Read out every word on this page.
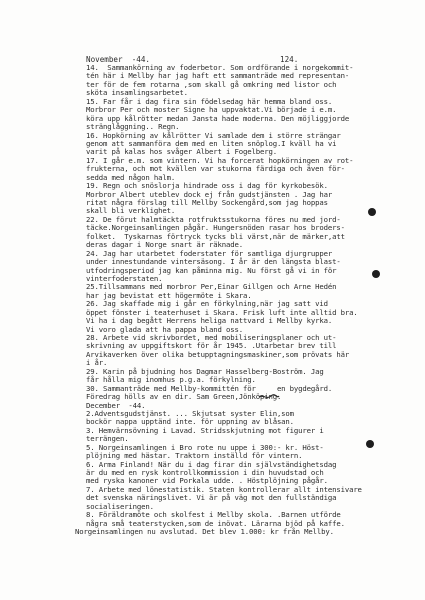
November  -44.	124.
14.  Sammankörning av foderbetor. Som ordförande i norgekommit-
tén här i Mellby har jag haft ett sammanträde med representan-
ter för de fem rotarna ,som skall gå omkring med listor och
sköta insamlingsarbetet.
15. Far får i dag fira sin födelsedag här hemma bland oss.
Morbror Per och moster Signe ha uppvaktat.Vi började i e.m.
köra upp kålrötter medan Jansta hade moderna. Den möjliggjorde
stränglåggning.. Regn.
16. Hopkörning av kålrötter Vi samlade dem i större strängar
genom att sammanföra dem med en liten snöplog.I kväll ha vi
varit på kalas hos svåger Albert i Fogelberg.
17. I går e.m. som vintern. Vi ha forcerat hopkörningen av rot-
frukterna, och mot kvällen var stukorna färdiga och även för-
sedda med någon halm.
19. Regn och snöslorja hindrade oss i dag för kyrkobesök.
Morbror Albert uteblev dock ej från gudstjänsten . Jag har
ritat några förslag till Mellby Sockengård,som jag hoppas
skall bli verklighet.
22. De förut halmtäckta rotfruktsstukorna föres nu med jord-
täcke.Norgeinsamlingen pågår. Hungersnöden rasar hos broders-
folket.  Tyskarnas förtryck tycks bli värst,när de märker,att
deras dagar i Norge snart är räknade.
24. Jag har utarbetet foderstater för samtliga djurgrupper
under innestundande vintersäsong. I år är den längsta blast-
utfodringsperiod jag kan påminna mig. Nu först gå vi in för
vinterfoderstaten.
25.Tillsammans med morbror Per,Einar Gillgen och Arne Hedén
har jag bevistat ett högermöte i Skara.
26. Jag skaffade mig i går en förkylning,när jag satt vid
öppet fönster i teaterhuset i Skara. Frisk luft inte alltid bra.
Vi ha i dag begått Herrens heliga nattvard i Mellby kyrka.
Vi voro glada att ha pappa bland oss.
28. Arbete vid skrivbordet, med mobiliseringsplaner och ut-
skrivning av uppgiftskort för år 1945. .Utarbetar brev till
Arvikaverken över olika betupptagningsmaskiner,som prövats här
i år.
29. Karin på bjudning hos Dagmar Hasselberg-Boström. Jag
får hålla mig inomhus p.g.a. förkylning.
30. Sammanträde med Mellby-kommittén för     en bygdegård.
Föredrag hölls av en dir. Sam Green,Jönköping.
December  -44.
2.Adventsgudstjänst. ... Skjutsat syster Elin,som
bockör nappa upptänd inte. för uppning av blåsan.
3. Hemvärnsövning i Lavad. Stridsskjutning mot figurer i
terrängen.
5. Norgeinsamlingen i Bro rote nu uppe i 300:- kr. Höst-
plöjning med hästar. Traktorn inställd för vintern.
6. Arma Finland! När du i dag firar din självständighetsdag
är du med en rysk kontrollkommission i din huvudstad och
med ryska kanoner vid Porkala udde. . Höstplöjning pågår.
7. Arbete med lönestatistik. Staten kontrollerar allt intensivare
det svenska näringslivet. Vi är på väg mot den fullständiga
socialiseringen.
8. Föräldramöte och skolfest i Mellby skola. .Barnen utförde
några små teaterstycken,som de inövat. Lärarna bjöd på kaffe.
Norgeinsamlingen nu avslutad. Det blev 1.000: kr från Mellby.
